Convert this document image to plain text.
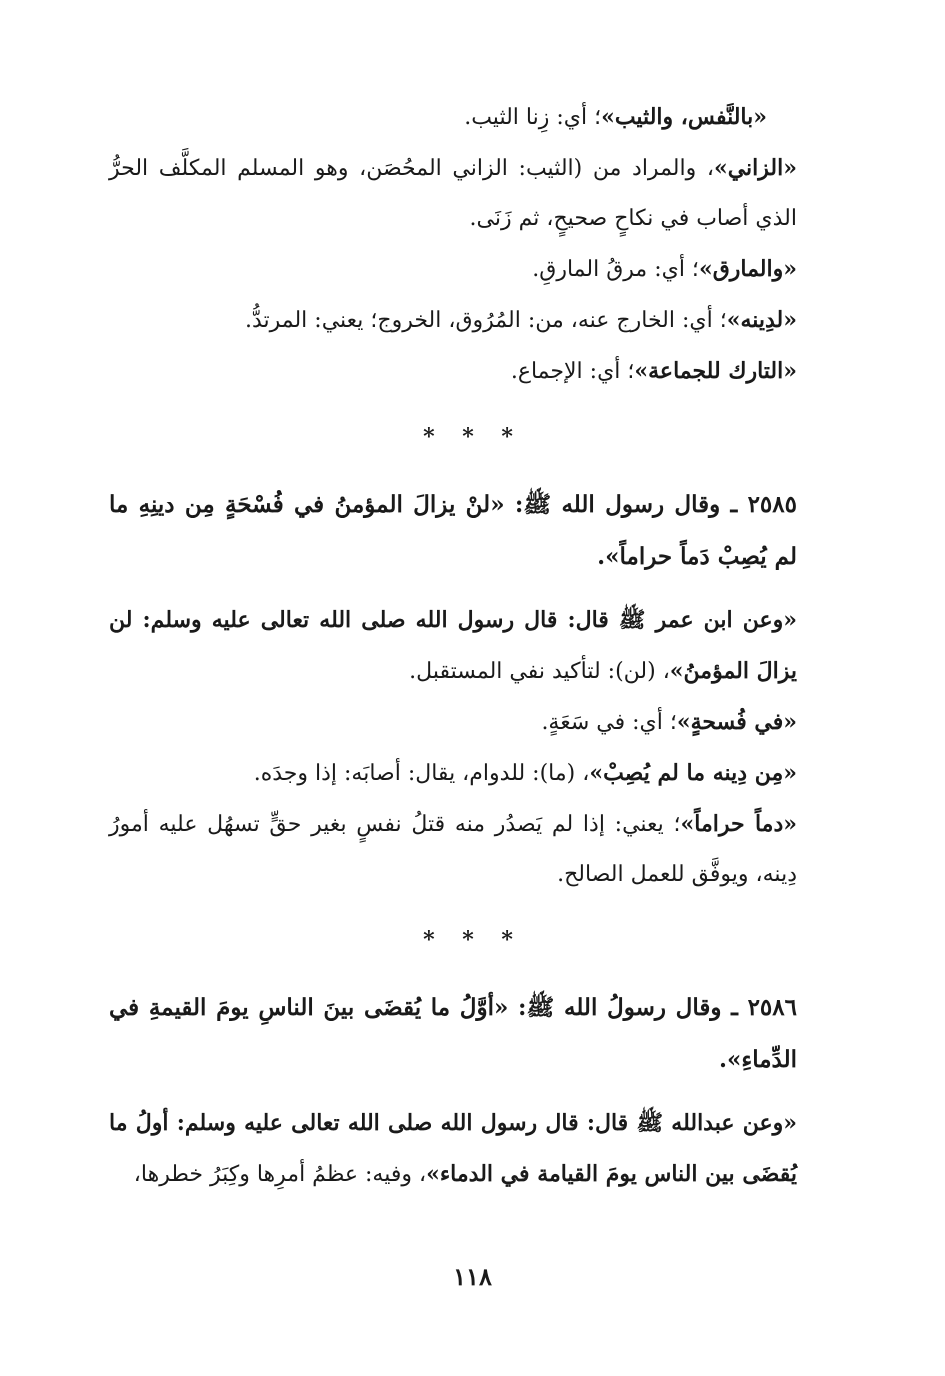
«بالنَّفس، والثيب»؛ أي: زِنا الثيب.

«الزاني»، والمراد من (الثيب: الزاني المحُصَن، وهو المسلم المكلَّف الحرُّ الذي أصاب في نكاحٍ صحيحٍ، ثم زَنَى.

«والمارق»؛ أي: مرقُ المارقِ.

«لدِينه»؛ أي: الخارج عنه، من: المُرُوق، الخروج؛ يعني: المرتدُّ.

«التارك للجماعة»؛ أي: الإجماع.

* * *

٢٥٨٥ ـ وقال رسول الله ﷺ: «لنْ يزالَ المؤمنُ في فُسْحَةٍ مِن دينِهِ ما لم يُصِبْ دَماً حراماً».

«وعن ابن عمر ﷺ قال: قال رسول الله صلى الله تعالى عليه وسلم: لن يزالَ المؤمنُ»، (لن): لتأكيد نفي المستقبل.

«في فُسحةٍ»؛ أي: في سَعَةٍ.

«مِن دِينه ما لم يُصِبْ»، (ما): للدوام، يقال: أصابَه: إذا وجدَه.

«دماً حراماً»؛ يعني: إذا لم يَصدُر منه قتلُ نفسٍ بغير حقٍّ تسهُل عليه أمورُ دِينه، ويوفَّق للعمل الصالح.

* * *

٢٥٨٦ ـ وقال رسولُ الله ﷺ: «أوَّلُ ما يُقضَى بينَ الناسِ يومَ القيمةِ في الدِّماءِ».

«وعن عبدالله ﷺ قال: قال رسول الله صلى الله تعالى عليه وسلم: أولُ ما يُقضَى بين الناس يومَ القيامة في الدماء»، وفيه: عظمُ أمرِها وكِبَرُ خطرها،

١١٨
